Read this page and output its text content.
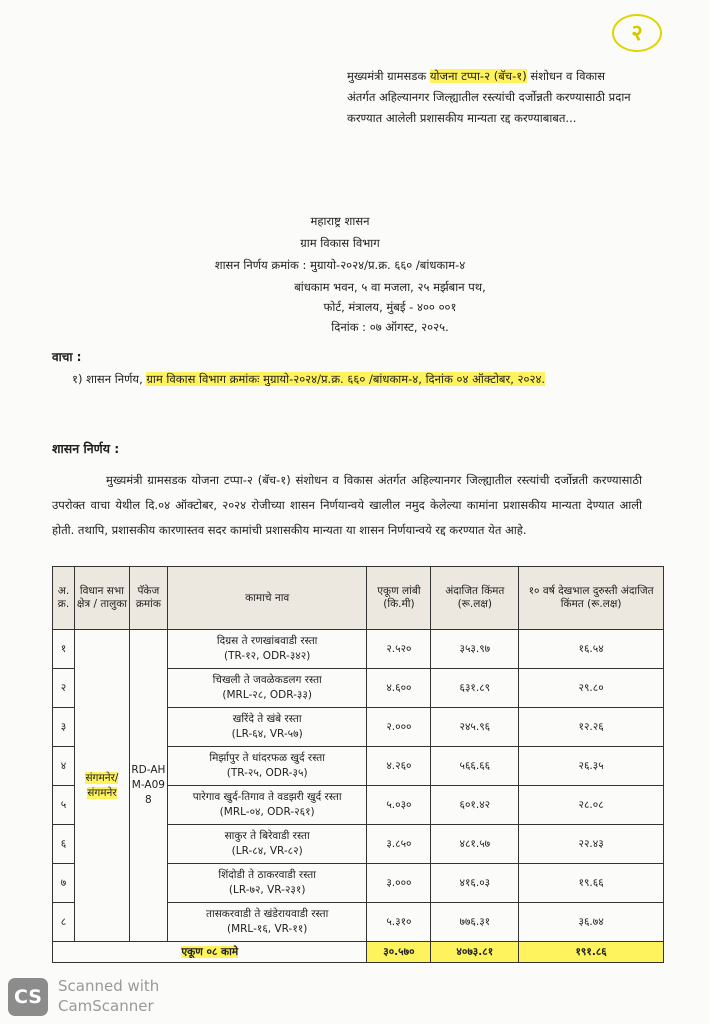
२
मुख्यमंत्री ग्रामसडक योजना टप्पा-२ (बॅच-१) संशोधन व विकास अंतर्गत अहिल्यानगर जिल्ह्यातील रस्त्यांची दर्जोन्नती करण्यासाठी प्रदान करण्यात आलेली प्रशासकीय मान्यता रद्द करण्याबाबत...
महाराष्ट्र शासन
ग्राम विकास विभाग
शासन निर्णय क्रमांक : मुग्रायो-२०२४/प्र.क्र. ६६० /बांधकाम-४
बांधकाम भवन, ५ वा मजला, २५ मर्झबान पथ,
फोर्ट, मंत्रालय, मुंबई - ४०० ००१
दिनांक : ०७ ऑगस्ट, २०२५.
वाचा :
१) शासन निर्णय, ग्राम विकास विभाग क्रमांकः मुग्रायो-२०२४/प्र.क्र. ६६० /बांधकाम-४, दिनांक ०४ ऑक्टोबर, २०२४.
शासन निर्णय :
मुख्यमंत्री ग्रामसडक योजना टप्पा-२ (बॅच-१) संशोधन व विकास अंतर्गत अहिल्यानगर जिल्ह्यातील रस्त्यांची दर्जोन्नती करण्यासाठी उपरोक्त वाचा येथील दि.०४ ऑक्टोबर, २०२४ रोजीच्या शासन निर्णयान्वये खालील नमुद केलेल्या कामांना प्रशासकीय मान्यता देण्यात आली होती. तथापि, प्रशासकीय कारणास्तव सदर कामांची प्रशासकीय मान्यता या शासन निर्णयान्वये रद्द करण्यात येत आहे.
अ. क्र.	विधान सभा क्षेत्र / तालुका	पॅकेज क्रमांक	कामाचे नाव	एकूण लांबी (कि.मी)	अंदाजित किंमत (रू.लक्ष)	१० वर्ष देखभाल दुरुस्ती अंदाजित किंमत (रू.लक्ष)
१	संगमनेर/ संगमनेर	RD-AHM-A098	दिग्रस ते रणखांबवाडी रस्ता
(TR-१२, ODR-३४२)	२.५२०	३५३.९७	१६.५४
२			चिखली ते जवळेकडलग रस्ता
(MRL-२८, ODR-३३)	४.६००	६३१.८९	२९.८०
३			खरिंदे ते खंबे रस्ता
(LR-६४, VR-५७)	२.०००	२४५.९६	१२.२६
४			मिर्झापुर ते धांदरफळ खुर्द रस्ता
(TR-२५, ODR-३५)	४.२६०	५६६.६६	२६.३५
५			पारेगाव खुर्द-तिगाव ते वडझरी खुर्द रस्ता
(MRL-०४, ODR-२६१)	५.०३०	६०१.४२	२८.०८
६			साकुर ते बिरेवाडी रस्ता
(LR-८४, VR-८२)	३.८५०	४८१.५७	२२.४३
७			शिंदोडी ते ठाकरवाडी रस्ता
(LR-७२, VR-२३१)	३.०००	४१६.०३	१९.६६
८			तासकरवाडी ते खंडेरायवाडी रस्ता
(MRL-१६, VR-११)	५.३१०	७७६.३१	३६.७४
एकूण ०८ कामे				३०.५७०	४०७३.८१	१९१.८६
CS	Scanned with
CamScanner
